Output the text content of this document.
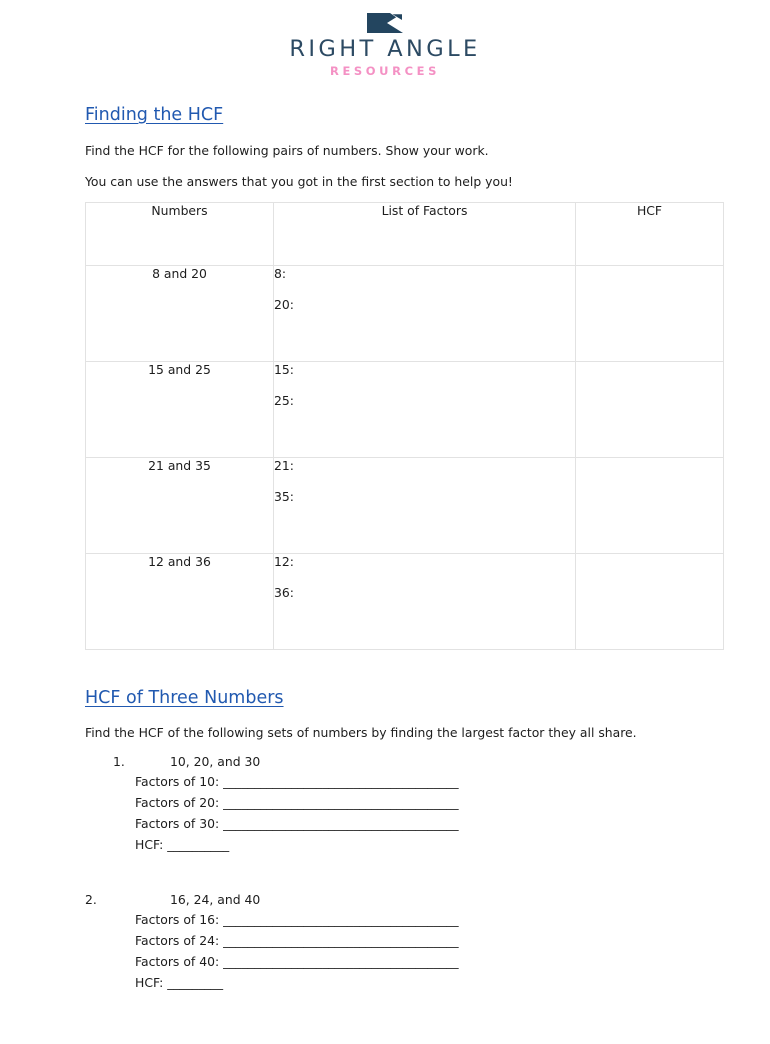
RIGHT ANGLE
RESOURCES
Finding the HCF
Find the HCF for the following pairs of numbers. Show your work.
You can use the answers that you got in the first section to help you!
Numbers	List of Factors	HCF
8 and 20	8:
20:	

15 and 25	15:
25:	

21 and 35	21:
35:	

12 and 36	12:
36:	

HCF of Three Numbers
Find the HCF of the following sets of numbers by finding the largest factor they all share.
1.	10, 20, and 30
Factors of 10: ______________________________________
Factors of 20: ______________________________________
Factors of 30: ______________________________________
HCF: __________
2.	16, 24, and 40
Factors of 16: ______________________________________
Factors of 24: ______________________________________
Factors of 40: ______________________________________
HCF: _________
